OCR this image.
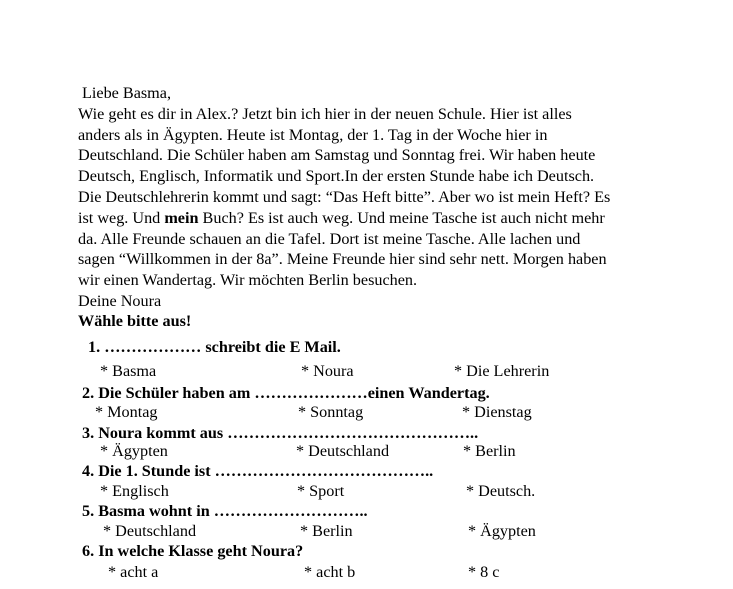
Liebe Basma,

Wie geht es dir in Alex.? Jetzt bin ich hier in der neuen Schule. Hier ist alles

anders als in Ägypten. Heute ist Montag, der 1. Tag in der Woche hier in

Deutschland. Die Schüler haben am Samstag und Sonntag frei. Wir haben heute

Deutsch, Englisch, Informatik und Sport.In der ersten Stunde habe ich Deutsch.

Die Deutschlehrerin kommt und sagt: “Das Heft bitte”. Aber wo ist mein Heft? Es

ist weg. Und mein Buch? Es ist auch weg. Und meine Tasche ist auch nicht mehr

da. Alle Freunde schauen an die Tafel. Dort ist meine Tasche. Alle lachen und

sagen “Willkommen in der 8a”. Meine Freunde hier sind sehr nett. Morgen haben

wir einen Wandertag. Wir möchten Berlin besuchen.

Deine Noura

Wähle bitte aus!
1. ……………… schreibt die E Mail.
* Basma	* Noura	* Die Lehrerin
2. Die Schüler haben am …………………einen Wandertag.
* Montag	* Sonntag	* Dienstag
3. Noura kommt aus ………………………………………..
* Ägypten	* Deutschland	* Berlin
4. Die 1. Stunde ist …………………………………..
* Englisch	* Sport	* Deutsch.
5. Basma wohnt in ………………………..
* Deutschland	* Berlin	* Ägypten
6. In welche Klasse geht Noura?
* acht a	* acht b	* 8 c
